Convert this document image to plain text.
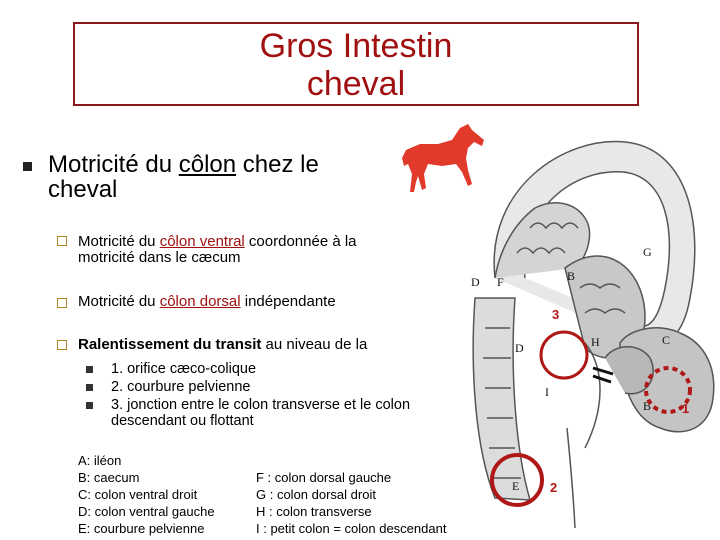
Gros Intestin
cheval
Motricité du côlon chez le
cheval
Motricité du côlon ventral coordonnée à la
motricité dans le cæcum
Motricité du côlon dorsal indépendante
Ralentissement du transit au niveau de la
1. orifice cæco-colique
2. courbure pelvienne
3. jonction entre le colon transverse et le colon
descendant ou flottant
A: iléon
B: caecum
C: colon ventral droit
D: colon ventral gauche
E: courbure pelvienne
F : colon dorsal gauche
G : colon dorsal droit
H : colon transverse
I : petit colon = colon descendant
D F
G
B
D	H	C
I
B
E
3
1
2
